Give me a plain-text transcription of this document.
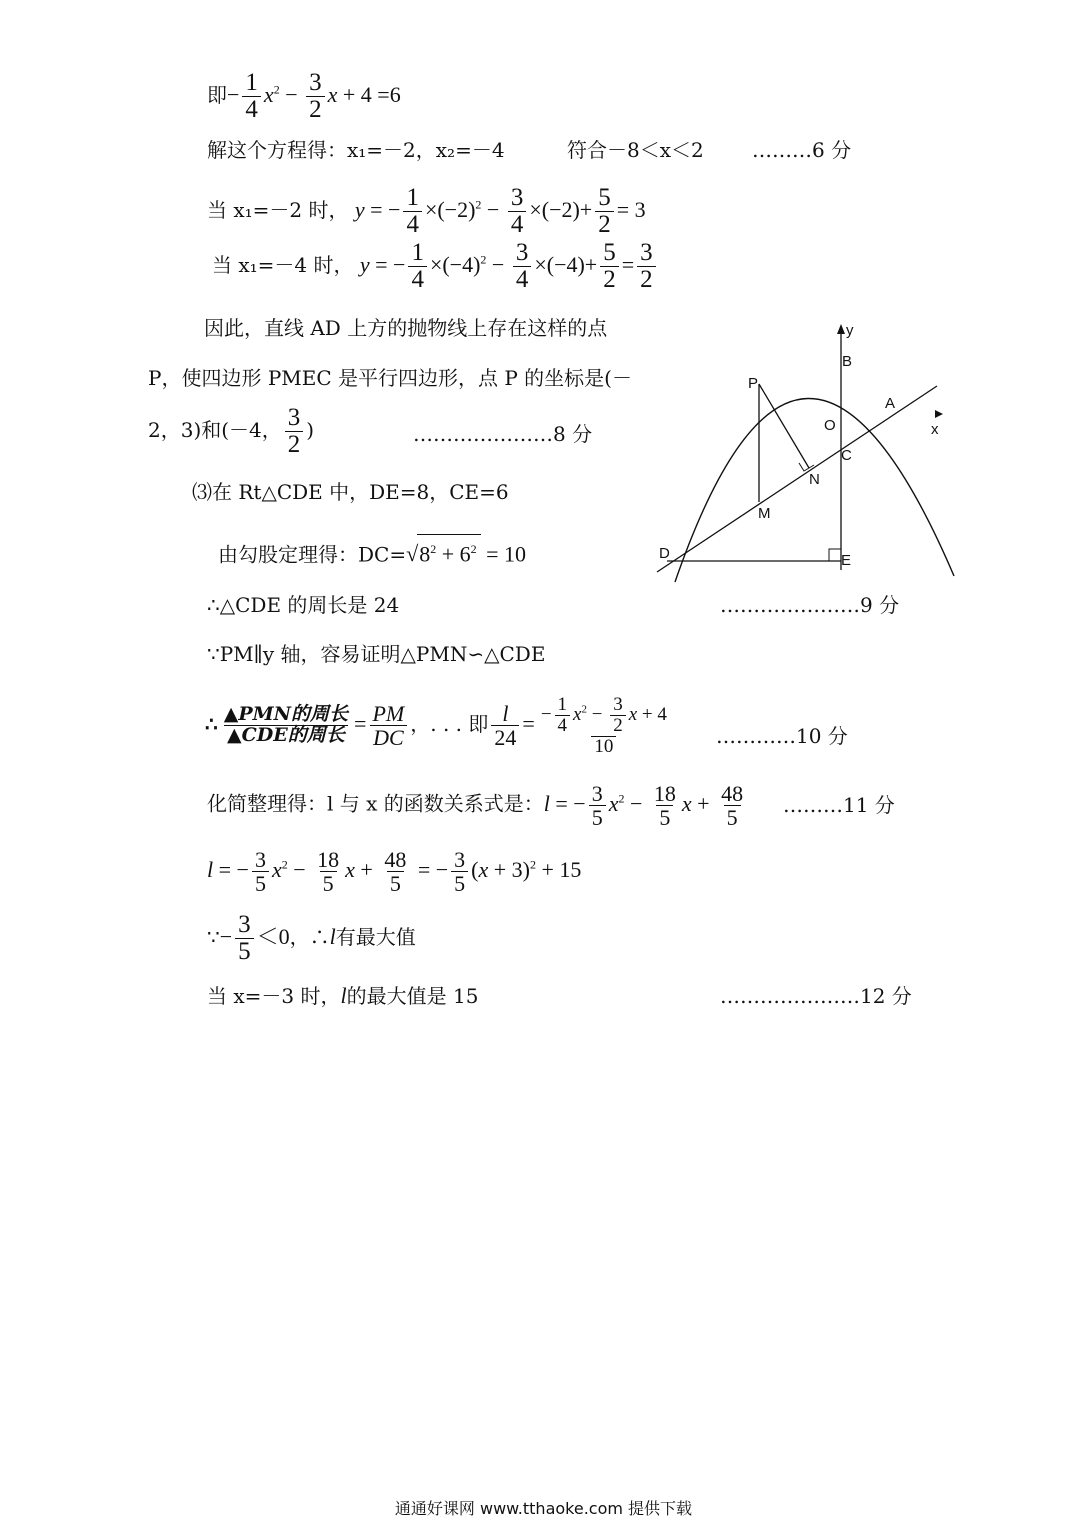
即− $\frac{1}{4} x^2 - \frac{3}{2}$ x + 4 =6
解这个方程得：x₁=－2，x₂=－4	符合－8＜x＜2 ………6 分
当 x₁=－2 时， y = − $\frac{1}{4} \times(-2)^2 - \frac{3}{4} \times(-2)+ \frac{5}{2} = 3$
当 x₁=－4 时， y = − $\frac{1}{4} \times(-4)^2 - \frac{3}{4} \times(-4)+ \frac{5}{2} = \frac{3}{2}$
因此，直线 AD 上方的抛物线上存在这样的点
P，使四边形 PMEC 是平行四边形，点 P 的坐标是(－
2，3)和(－4， $\frac{3}{2}$ )	…………………8 分
⑶在 Rt△CDE 中，DE=8，CE=6
由勾股定理得：$DC=√8^2 + 6^2 = 10$
∴△CDE 的周长是 24	…………………9 分
∵PM∥y 轴，容易证明△PMN∽△CDE
∴ $\frac{\text{▲PMN的周长}}{\text{▲CDE的周长}} = \frac{PM}{DC}$ ，. . . 即 $\frac{l}{24} = \frac{- \frac{1}{4} x^2 - \frac{3}{2} x + 4}{10}$ …………10 分
化简整理得：l 与 x 的函数关系式是：l = − $\frac{3}{5} x^2 - \frac{18}{5}$ $x + \frac{48}{5}$ ………11 分
l = − $\frac{3}{5} x^2 - \frac{18}{5}$ $x + \frac{48}{5}$ = − $\frac{3}{5} (x + 3)^2 + 15$
∵− $\frac{3}{5} <0$，∴l有最大值
当 x=－3 时，l的最大值是 15	…………………12 分
y
x
B
A
P
O
C
N
M
D	E
通通好课网 www.tthaoke.com 提供下载
